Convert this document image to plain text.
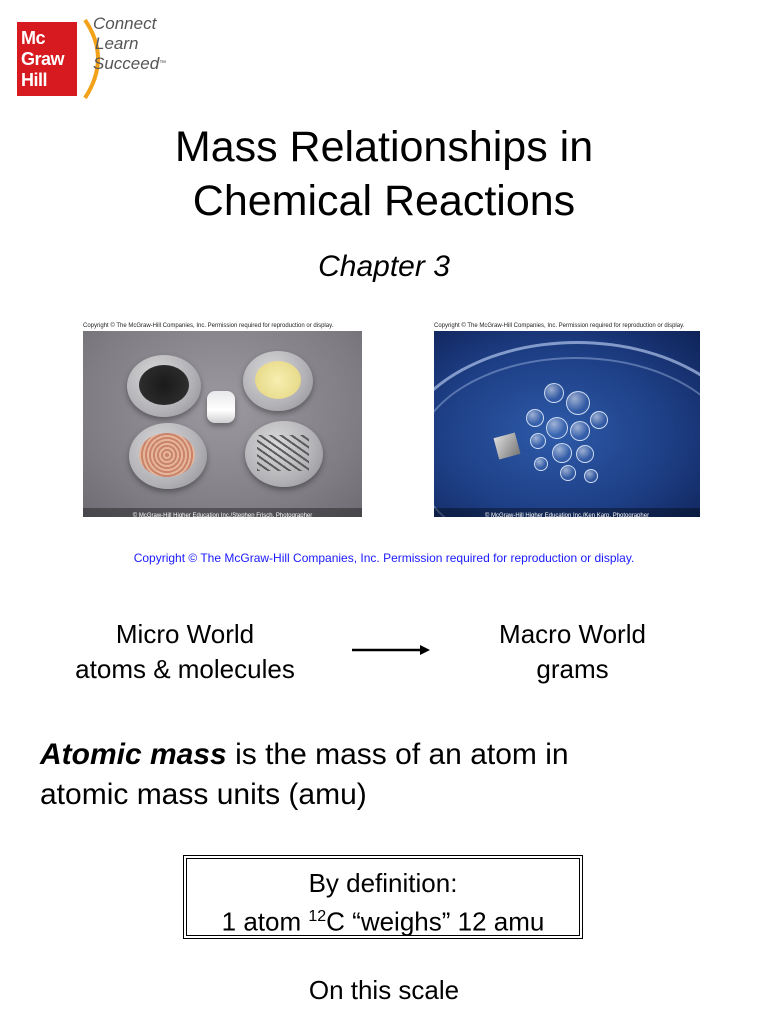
Mc
Graw
Hill
Connect
Learn
Succeed™
Mass Relationships in
Chemical Reactions
Chapter 3
Copyright © The McGraw-Hill Companies, Inc. Permission required for reproduction or display.
© McGraw-Hill Higher Education Inc./Stephen Frisch, Photographer
Copyright © The McGraw-Hill Companies, Inc. Permission required for reproduction or display.
© McGraw-Hill Higher Education Inc./Ken Karp, Photographer
Copyright © The McGraw-Hill Companies, Inc. Permission required for reproduction or display.
Micro World
atoms & molecules
Macro World
grams
Atomic mass is the mass of an atom in
atomic mass units (amu)
By definition:
1 atom $^{12}$C “weighs” 12 amu
On this scale
